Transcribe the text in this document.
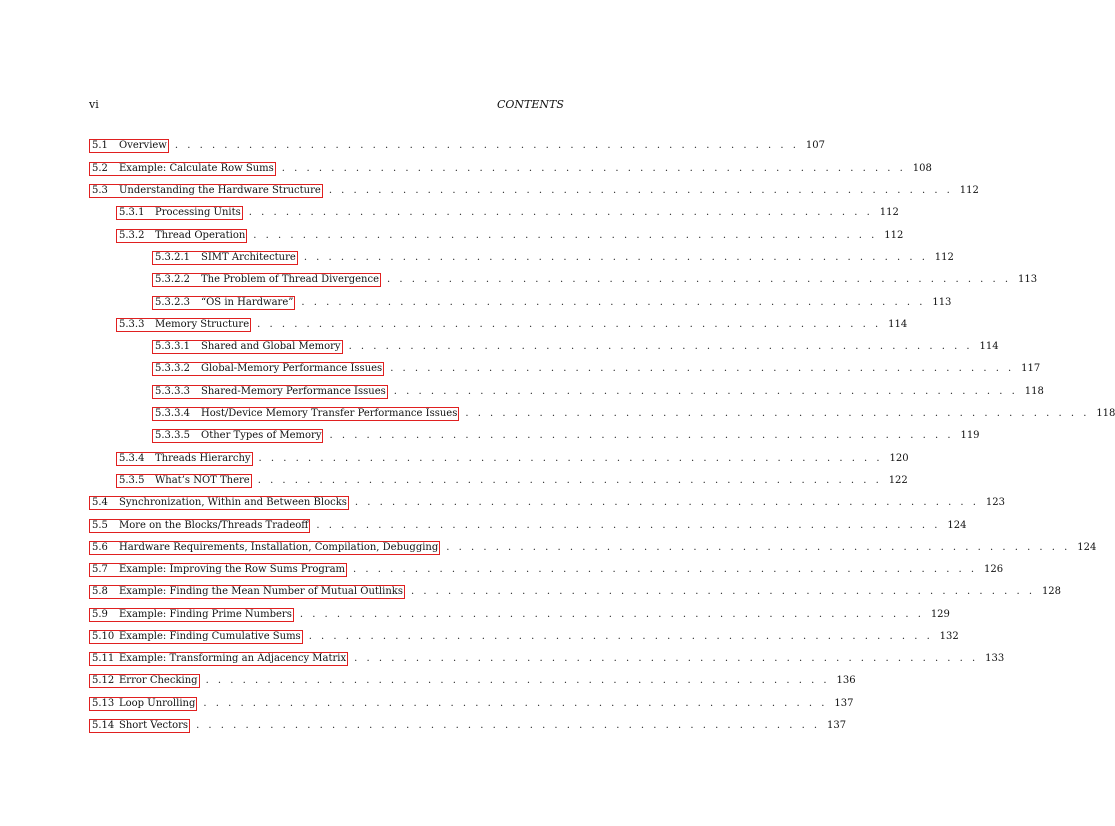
vi	CONTENTS
5.1	Overview . . . . . . . . . . . . . . . . . . . . . . . . . . . . . . . . . . . . . . . . . . . . . . . . . . . 107
5.2	Example: Calculate Row Sums . . . . . . . . . . . . . . . . . . . . . . . . . . . . . . . . . . . . . . . . . . . . . . . . . . . 108
5.3	Understanding the Hardware Structure . . . . . . . . . . . . . . . . . . . . . . . . . . . . . . . . . . . . . . . . . . . . . . . . . . . 112
5.3.1	Processing Units . . . . . . . . . . . . . . . . . . . . . . . . . . . . . . . . . . . . . . . . . . . . . . . . . . . 112
5.3.2	Thread Operation . . . . . . . . . . . . . . . . . . . . . . . . . . . . . . . . . . . . . . . . . . . . . . . . . . . 112
5.3.2.1	SIMT Architecture . . . . . . . . . . . . . . . . . . . . . . . . . . . . . . . . . . . . . . . . . . . . . . . . . . . 112
5.3.2.2	The Problem of Thread Divergence . . . . . . . . . . . . . . . . . . . . . . . . . . . . . . . . . . . . . . . . . . . . . . . . . . . 113
5.3.2.3	“OS in Hardware” . . . . . . . . . . . . . . . . . . . . . . . . . . . . . . . . . . . . . . . . . . . . . . . . . . . 113
5.3.3	Memory Structure . . . . . . . . . . . . . . . . . . . . . . . . . . . . . . . . . . . . . . . . . . . . . . . . . . . 114
5.3.3.1	Shared and Global Memory . . . . . . . . . . . . . . . . . . . . . . . . . . . . . . . . . . . . . . . . . . . . . . . . . . . 114
5.3.3.2	Global-Memory Performance Issues . . . . . . . . . . . . . . . . . . . . . . . . . . . . . . . . . . . . . . . . . . . . . . . . . . . 117
5.3.3.3	Shared-Memory Performance Issues . . . . . . . . . . . . . . . . . . . . . . . . . . . . . . . . . . . . . . . . . . . . . . . . . . . 118
5.3.3.4	Host/Device Memory Transfer Performance Issues . . . . . . . . . . . . . . . . . . . . . . . . . . . . . . . . . . . . . . . . . . . . . . . . . . . 118
5.3.3.5	Other Types of Memory . . . . . . . . . . . . . . . . . . . . . . . . . . . . . . . . . . . . . . . . . . . . . . . . . . . 119
5.3.4	Threads Hierarchy . . . . . . . . . . . . . . . . . . . . . . . . . . . . . . . . . . . . . . . . . . . . . . . . . . . 120
5.3.5	What’s NOT There . . . . . . . . . . . . . . . . . . . . . . . . . . . . . . . . . . . . . . . . . . . . . . . . . . . 122
5.4	Synchronization, Within and Between Blocks . . . . . . . . . . . . . . . . . . . . . . . . . . . . . . . . . . . . . . . . . . . . . . . . . . . 123
5.5	More on the Blocks/Threads Tradeoff . . . . . . . . . . . . . . . . . . . . . . . . . . . . . . . . . . . . . . . . . . . . . . . . . . . 124
5.6	Hardware Requirements, Installation, Compilation, Debugging . . . . . . . . . . . . . . . . . . . . . . . . . . . . . . . . . . . . . . . . . . . . . . . . . . . 124
5.7	Example: Improving the Row Sums Program . . . . . . . . . . . . . . . . . . . . . . . . . . . . . . . . . . . . . . . . . . . . . . . . . . . 126
5.8	Example: Finding the Mean Number of Mutual Outlinks . . . . . . . . . . . . . . . . . . . . . . . . . . . . . . . . . . . . . . . . . . . . . . . . . . . 128
5.9	Example: Finding Prime Numbers . . . . . . . . . . . . . . . . . . . . . . . . . . . . . . . . . . . . . . . . . . . . . . . . . . . 129
5.10 Example: Finding Cumulative Sums . . . . . . . . . . . . . . . . . . . . . . . . . . . . . . . . . . . . . . . . . . . . . . . . . . . 132
5.11 Example: Transforming an Adjacency Matrix . . . . . . . . . . . . . . . . . . . . . . . . . . . . . . . . . . . . . . . . . . . . . . . . . . . 133
5.12 Error Checking . . . . . . . . . . . . . . . . . . . . . . . . . . . . . . . . . . . . . . . . . . . . . . . . . . . 136
5.13 Loop Unrolling . . . . . . . . . . . . . . . . . . . . . . . . . . . . . . . . . . . . . . . . . . . . . . . . . . . 137
5.14 Short Vectors . . . . . . . . . . . . . . . . . . . . . . . . . . . . . . . . . . . . . . . . . . . . . . . . . . . 137
